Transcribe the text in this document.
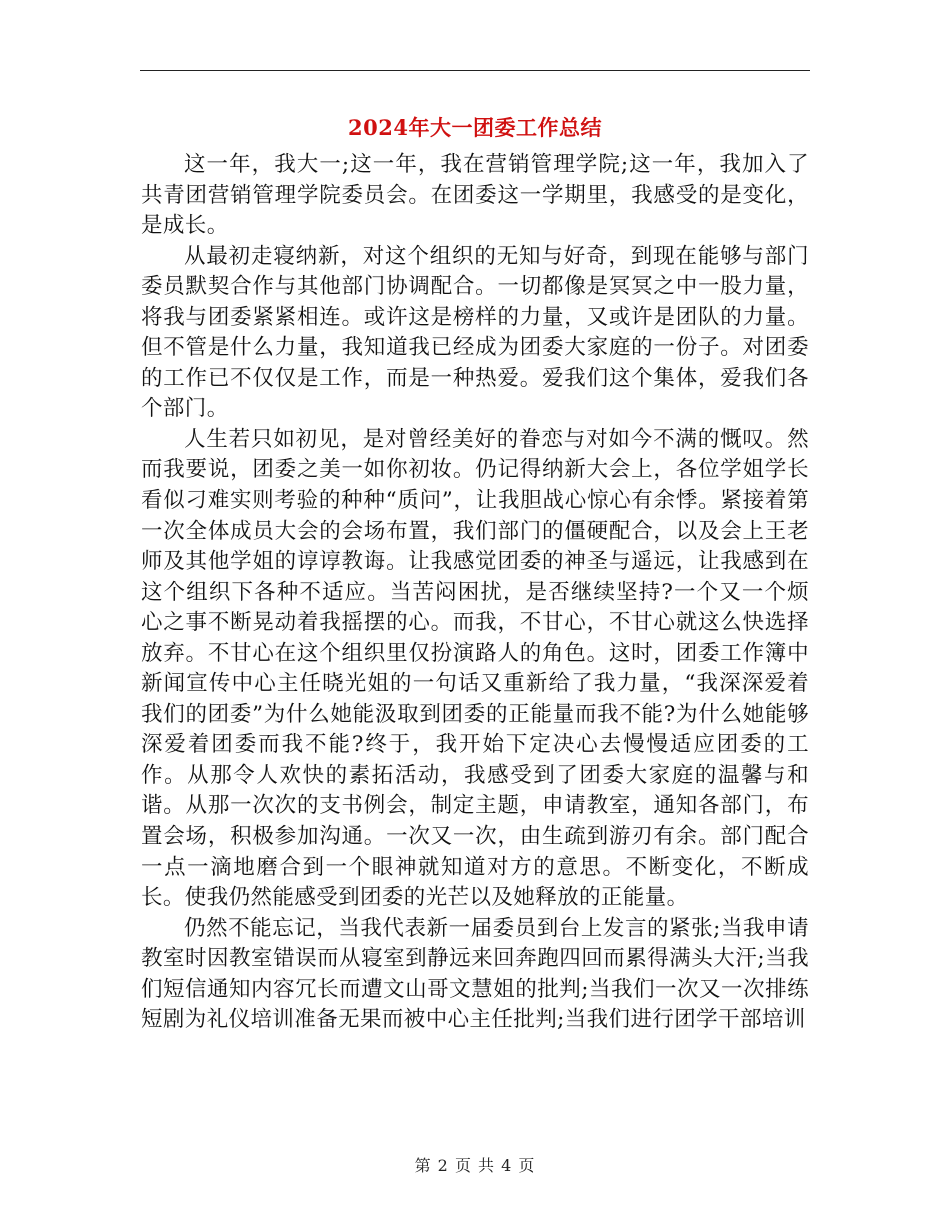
2024年大一团委工作总结

这一年，我大一;这一年，我在营销管理学院;这一年，我加入了共青团营销管理学院委员会。在团委这一学期里，我感受的是变化，是成长。

从最初走寝纳新，对这个组织的无知与好奇，到现在能够与部门委员默契合作与其他部门协调配合。一切都像是冥冥之中一股力量，将我与团委紧紧相连。或许这是榜样的力量，又或许是团队的力量。但不管是什么力量，我知道我已经成为团委大家庭的一份子。对团委的工作已不仅仅是工作，而是一种热爱。爱我们这个集体，爱我们各个部门。

人生若只如初见，是对曾经美好的眷恋与对如今不满的慨叹。然而我要说，团委之美一如你初妆。仍记得纳新大会上，各位学姐学长看似刁难实则考验的种种“质问”，让我胆战心惊心有余悸。紧接着第一次全体成员大会的会场布置，我们部门的僵硬配合，以及会上王老师及其他学姐的谆谆教诲。让我感觉团委的神圣与遥远，让我感到在这个组织下各种不适应。当苦闷困扰，是否继续坚持?一个又一个烦心之事不断晃动着我摇摆的心。而我，不甘心，不甘心就这么快选择放弃。不甘心在这个组织里仅扮演路人的角色。这时，团委工作簿中新闻宣传中心主任晓光姐的一句话又重新给了我力量，“我深深爱着我们的团委”为什么她能汲取到团委的正能量而我不能?为什么她能够深爱着团委而我不能?终于，我开始下定决心去慢慢适应团委的工作。从那令人欢快的素拓活动，我感受到了团委大家庭的温馨与和谐。从那一次次的支书例会，制定主题，申请教室，通知各部门，布置会场，积极参加沟通。一次又一次，由生疏到游刃有余。部门配合一点一滴地磨合到一个眼神就知道对方的意思。不断变化，不断成长。使我仍然能感受到团委的光芒以及她释放的正能量。

仍然不能忘记，当我代表新一届委员到台上发言的紧张;当我申请教室时因教室错误而从寝室到静远来回奔跑四回而累得满头大汗;当我们短信通知内容冗长而遭文山哥文慧姐的批判;当我们一次又一次排练短剧为礼仪培训准备无果而被中心主任批判;当我们进行团学干部培训

第 2 页 共 4 页
